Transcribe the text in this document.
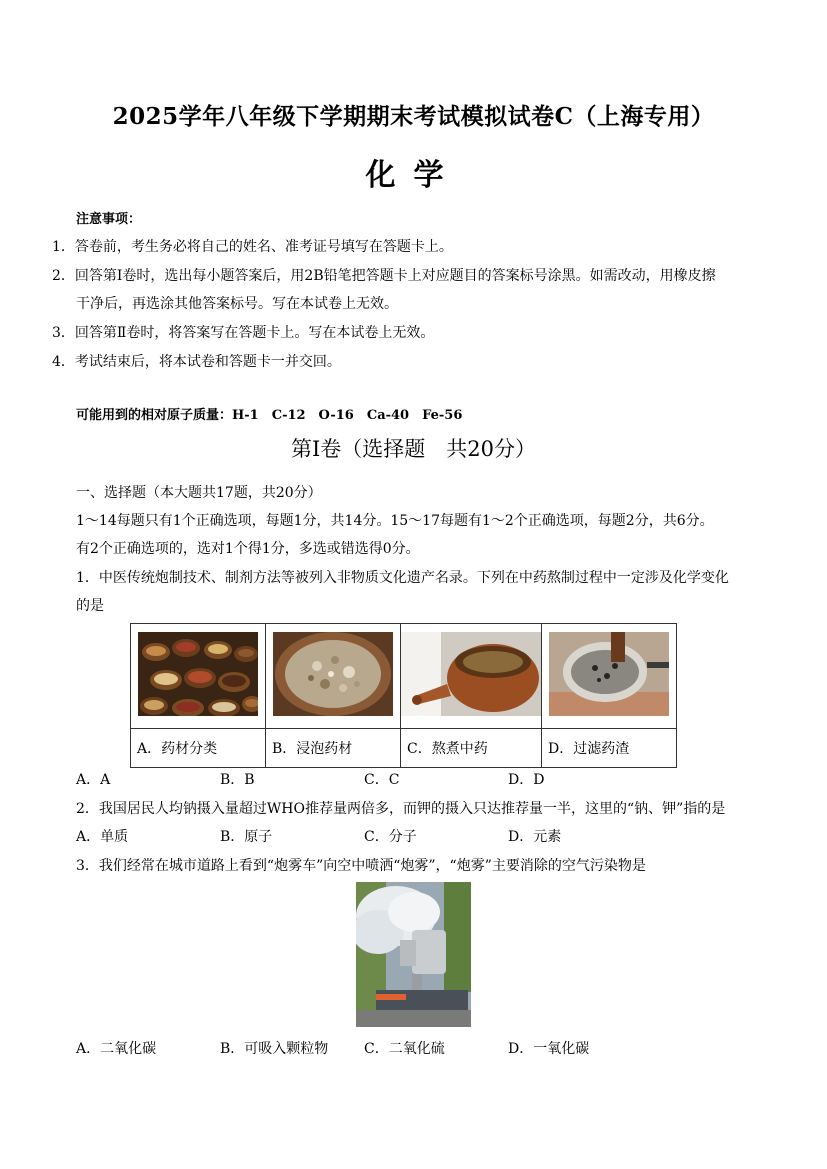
2025学年八年级下学期期末考试模拟试卷C（上海专用）
化学
注意事项：
1．答卷前，考生务必将自己的姓名、准考证号填写在答题卡上。
2．回答第Ⅰ卷时，选出每小题答案后，用2B铅笔把答题卡上对应题目的答案标号涂黑。如需改动，用橡皮擦
干净后，再选涂其他答案标号。写在本试卷上无效。
3．回答第Ⅱ卷时，将答案写在答题卡上。写在本试卷上无效。
4．考试结束后，将本试卷和答题卡一并交回。
可能用到的相对原子质量：H-1　C-12　O-16　Ca-40　Fe-56
第Ⅰ卷（选择题　共20分）
一、选择题（本大题共17题，共20分）
1～14每题只有1个正确选项，每题1分，共14分。15～17每题有1～2个正确选项，每题2分，共6分。
有2个正确选项的，选对1个得1分，多选或错选得0分。
1．中医传统炮制技术、制剂方法等被列入非物质文化遗产名录。下列在中药熬制过程中一定涉及化学变化
的是

A．药材分类	B．浸泡药材	C．熬煮中药	D．过滤药渣
A．A	B．B	C．C	D．D
2．我国居民人均钠摄入量超过WHO推荐量两倍多，而钾的摄入只达推荐量一半，这里的“钠、钾”指的是
A．单质	B．原子	C．分子	D．元素
3．我们经常在城市道路上看到“炮雾车”向空中喷洒“炮雾”，“炮雾”主要消除的空气污染物是
A．二氧化碳	B．可吸入颗粒物	C．二氧化硫	D．一氧化碳
